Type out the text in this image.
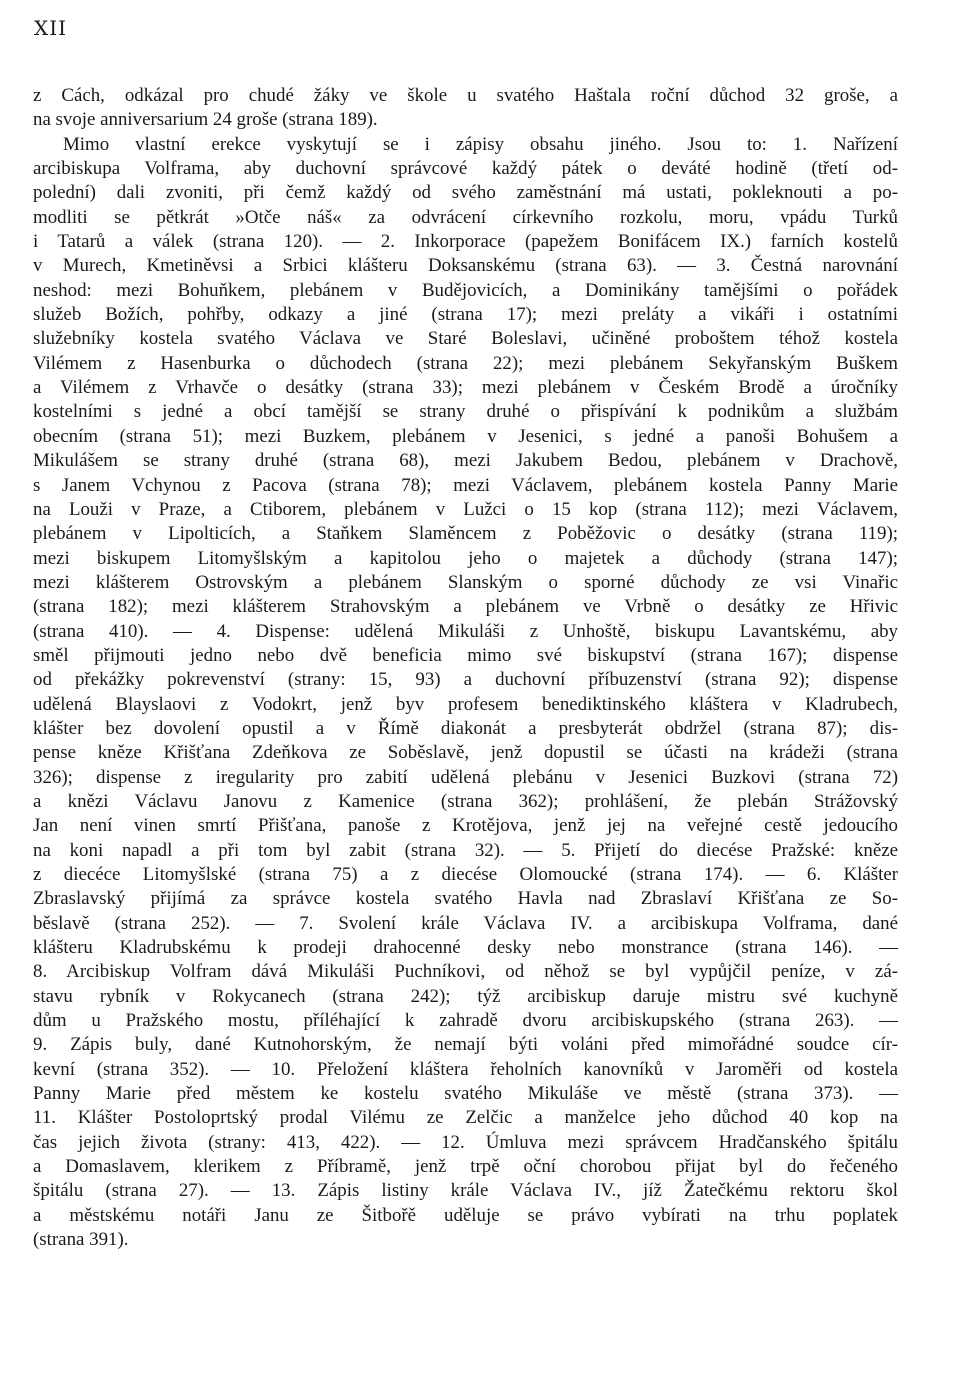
XII
z Cách, odkázal pro chudé žáky ve škole u svatého Haštala roční důchod 32 groše, a
na svoje anniversarium 24 groše (strana 189).
Mimo vlastní erekce vyskytují se i zápisy obsahu jiného. Jsou to: 1. Nařízení
arcibiskupa Volframa, aby duchovní správcové každý pátek o deváté hodině (třetí od-
polední) dali zvoniti, při čemž každý od svého zaměstnání má ustati, pokleknouti a po-
modliti se pětkrát »Otče náš« za odvrácení církevního rozkolu, moru, vpádu Turků
i Tatarů a válek (strana 120). — 2. Inkorporace (papežem Bonifácem IX.) farních kostelů
v Murech, Kmetiněvsi a Srbici klášteru Doksanskému (strana 63). — 3. Čestná narovnání
neshod: mezi Bohuňkem, plebánem v Budějovicích, a Dominikány tamějšími o pořádek
služeb Božích, pohřby, odkazy a jiné (strana 17); mezi preláty a vikáři i ostatními
služebníky kostela svatého Václava ve Staré Boleslavi, učiněné proboštem téhož kostela
Vilémem z Hasenburka o důchodech (strana 22); mezi plebánem Sekyřanským Buškem
a Vilémem z Vrhavče o desátky (strana 33); mezi plebánem v Českém Brodě a úročníky
kostelními s jedné a obcí tamější se strany druhé o přispívání k podnikům a službám
obecním (strana 51); mezi Buzkem, plebánem v Jesenici, s jedné a panoši Bohušem a
Mikulášem se strany druhé (strana 68), mezi Jakubem Bedou, plebánem v Drachově,
s Janem Vchynou z Pacova (strana 78); mezi Václavem, plebánem kostela Panny Marie
na Louži v Praze, a Ctiborem, plebánem v Lužci o 15 kop (strana 112); mezi Václavem,
plebánem v Lipolticích, a Staňkem Slaměncem z Poběžovic o desátky (strana 119);
mezi biskupem Litomyšlským a kapitolou jeho o majetek a důchody (strana 147);
mezi klášterem Ostrovským a plebánem Slanským o sporné důchody ze vsi Vinařic
(strana 182); mezi klášterem Strahovským a plebánem ve Vrbně o desátky ze Hřivic
(strana 410). — 4. Dispense: udělená Mikuláši z Unhoště, biskupu Lavantskému, aby
směl přijmouti jedno nebo dvě beneficia mimo své biskupství (strana 167); dispense
od překážky pokrevenství (strany: 15, 93) a duchovní příbuzenství (strana 92); dispense
udělená Blayslaovi z Vodokrt, jenž byv profesem benediktinského kláštera v Kladrubech,
klášter bez dovolení opustil a v Římě diakonát a presbyterát obdržel (strana 87); dis-
pense kněze Křišťana Zdeňkova ze Soběslavě, jenž dopustil se účasti na krádeži (strana
326); dispense z iregularity pro zabití udělená plebánu v Jesenici Buzkovi (strana 72)
a knězi Václavu Janovu z Kamenice (strana 362); prohlášení, že plebán Strážovský
Jan není vinen smrtí Přišťana, panoše z Krotějova, jenž jej na veřejné cestě jedoucího
na koni napadl a při tom byl zabit (strana 32). — 5. Přijetí do diecése Pražské: kněze
z diecéce Litomyšlské (strana 75) a z diecése Olomoucké (strana 174). — 6. Klášter
Zbraslavský přijímá za správce kostela svatého Havla nad Zbraslaví Křišťana ze So-
běslavě (strana 252). — 7. Svolení krále Václava IV. a arcibiskupa Volframa, dané
klášteru Kladrubskému k prodeji drahocenné desky nebo monstrance (strana 146). —
8. Arcibiskup Volfram dává Mikuláši Puchníkovi, od něhož se byl vypůjčil peníze, v zá-
stavu rybník v Rokycanech (strana 242); týž arcibiskup daruje mistru své kuchyně
dům u Pražského mostu, příléhající k zahradě dvoru arcibiskupského (strana 263). —
9. Zápis buly, dané Kutnohorským, že nemají býti voláni před mimořádné soudce cír-
kevní (strana 352). — 10. Přeložení kláštera řeholních kanovníků v Jaroměři od kostela
Panny Marie před městem ke kostelu svatého Mikuláše ve městě (strana 373). —
11. Klášter Postoloprtský prodal Vilému ze Zelčic a manželce jeho důchod 40 kop na
čas jejich života (strany: 413, 422). — 12. Úmluva mezi správcem Hradčanského špitálu
a Domaslavem, klerikem z Příbramě, jenž trpě oční chorobou přijat byl do řečeného
špitálu (strana 27). — 13. Zápis listiny krále Václava IV., jíž Žatečkému rektoru škol
a městskému notáři Janu ze Šitbořě uděluje se právo vybírati na trhu poplatek
(strana 391).
